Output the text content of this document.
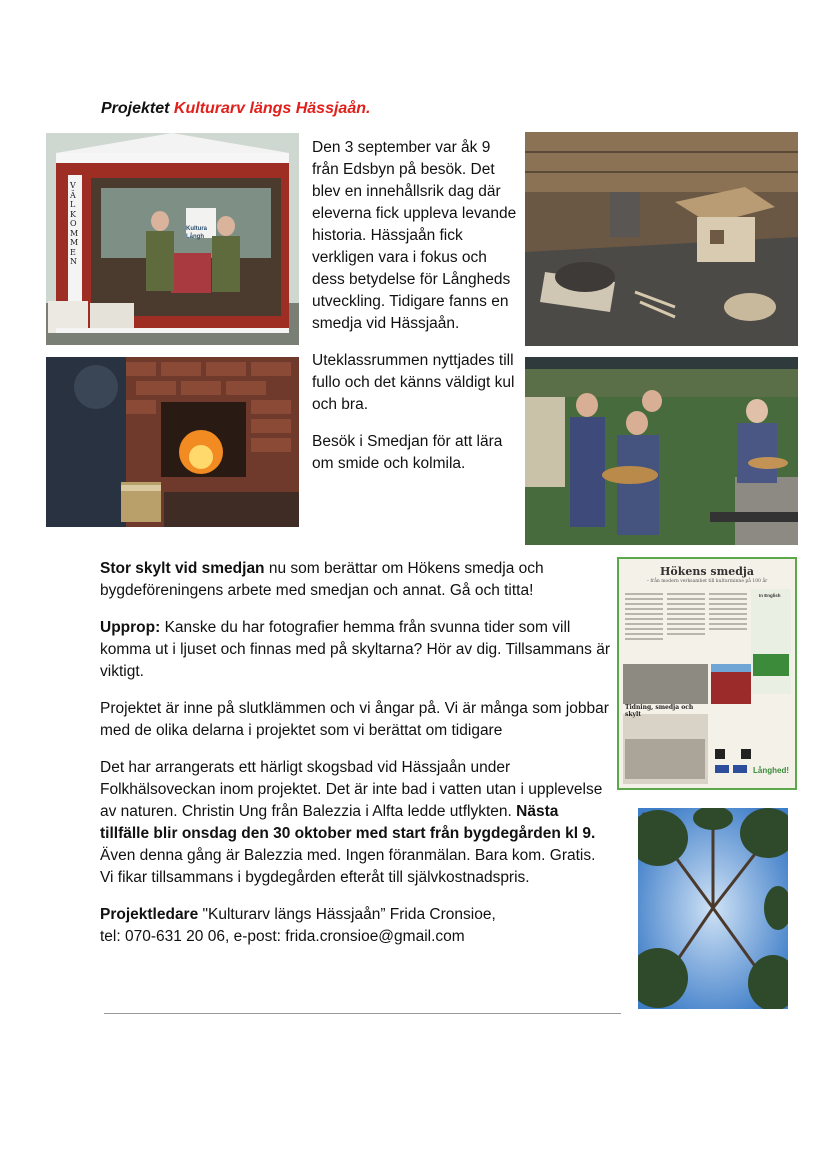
Projektet Kulturarv längs Hässjaån.
Kultura Långh
VÄLKOMMEN

Den 3 september var åk 9 från Edsbyn på besök. Det blev en innehållsrik dag där eleverna fick uppleva levande historia. Hässjaån fick verkligen vara i fokus och dess betydelse för Långheds utveckling. Tidigare fanns en smedja vid Hässjaån.

Uteklassrummen nyttjades till fullo och det känns väldigt kul och bra.

Besök i Smedjan för att lära om smide och kolmila.

Stor skylt vid smedjan nu som berättar om Hökens smedja och bygdeföreningens arbete med smedjan och annat. Gå och titta!

Upprop: Kanske du har fotografier hemma från svunna tider som vill komma ut i ljuset och finnas med på skyltarna? Hör av dig. Tillsammans är viktigt.

Projektet är inne på slutklämmen och vi ångar på. Vi är många som jobbar med de olika delarna i projektet som vi berättat om tidigare

Det har arrangerats ett härligt skogsbad vid Hässjaån under Folkhälsoveckan inom projektet. Det är inte bad i vatten utan i upplevelse av naturen. Christin Ung från Balezzia i Alfta ledde utflykten. Nästa tillfälle blir onsdag den 30 oktober med start från bygdegården kl 9. Även denna gång är Balezzia med. Ingen föranmälan. Bara kom. Gratis. Vi fikar tillsammans i bygdegården efteråt till självkostnadspris.

Projektledare "Kulturarv längs Hässjaån” Frida Cronsioe,
tel: 070-631 20 06, e-post: frida.cronsioe@gmail.com

Hökens smedja
– från modern verksamhet till kulturminne på 100 år
In English
Tidning, smedja och skylt
Långhed!
